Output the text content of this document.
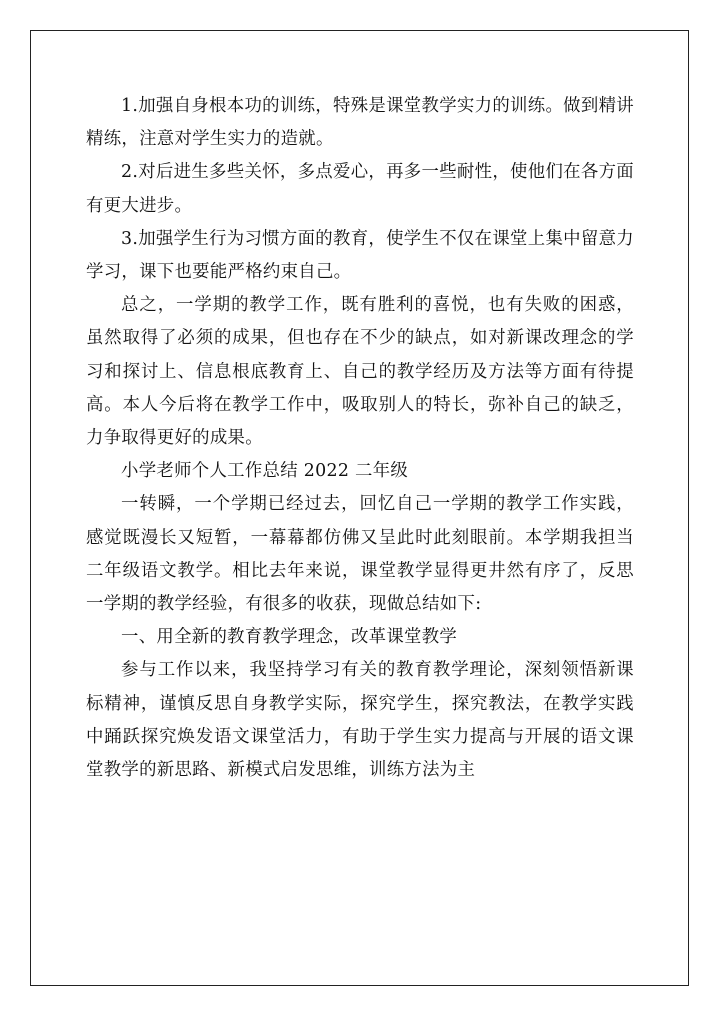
1.加强自身根本功的训练，特殊是课堂教学实力的训练。做到精讲精练，注意对学生实力的造就。

2.对后进生多些关怀，多点爱心，再多一些耐性，使他们在各方面有更大进步。

3.加强学生行为习惯方面的教育，使学生不仅在课堂上集中留意力学习，课下也要能严格约束自己。

总之，一学期的教学工作，既有胜利的喜悦，也有失败的困惑，虽然取得了必须的成果，但也存在不少的缺点，如对新课改理念的学习和探讨上、信息根底教育上、自己的教学经历及方法等方面有待提高。本人今后将在教学工作中，吸取别人的特长，弥补自己的缺乏，力争取得更好的成果。

小学老师个人工作总结 2022 二年级

一转瞬，一个学期已经过去，回忆自己一学期的教学工作实践，感觉既漫长又短暂，一幕幕都仿佛又呈此时此刻眼前。本学期我担当二年级语文教学。相比去年来说，课堂教学显得更井然有序了，反思一学期的教学经验，有很多的收获，现做总结如下:

一、用全新的教育教学理念，改革课堂教学

参与工作以来，我坚持学习有关的教育教学理论，深刻领悟新课标精神，谨慎反思自身教学实际，探究学生，探究教法，在教学实践中踊跃探究焕发语文课堂活力，有助于学生实力提高与开展的语文课堂教学的新思路、新模式启发思维，训练方法为主
